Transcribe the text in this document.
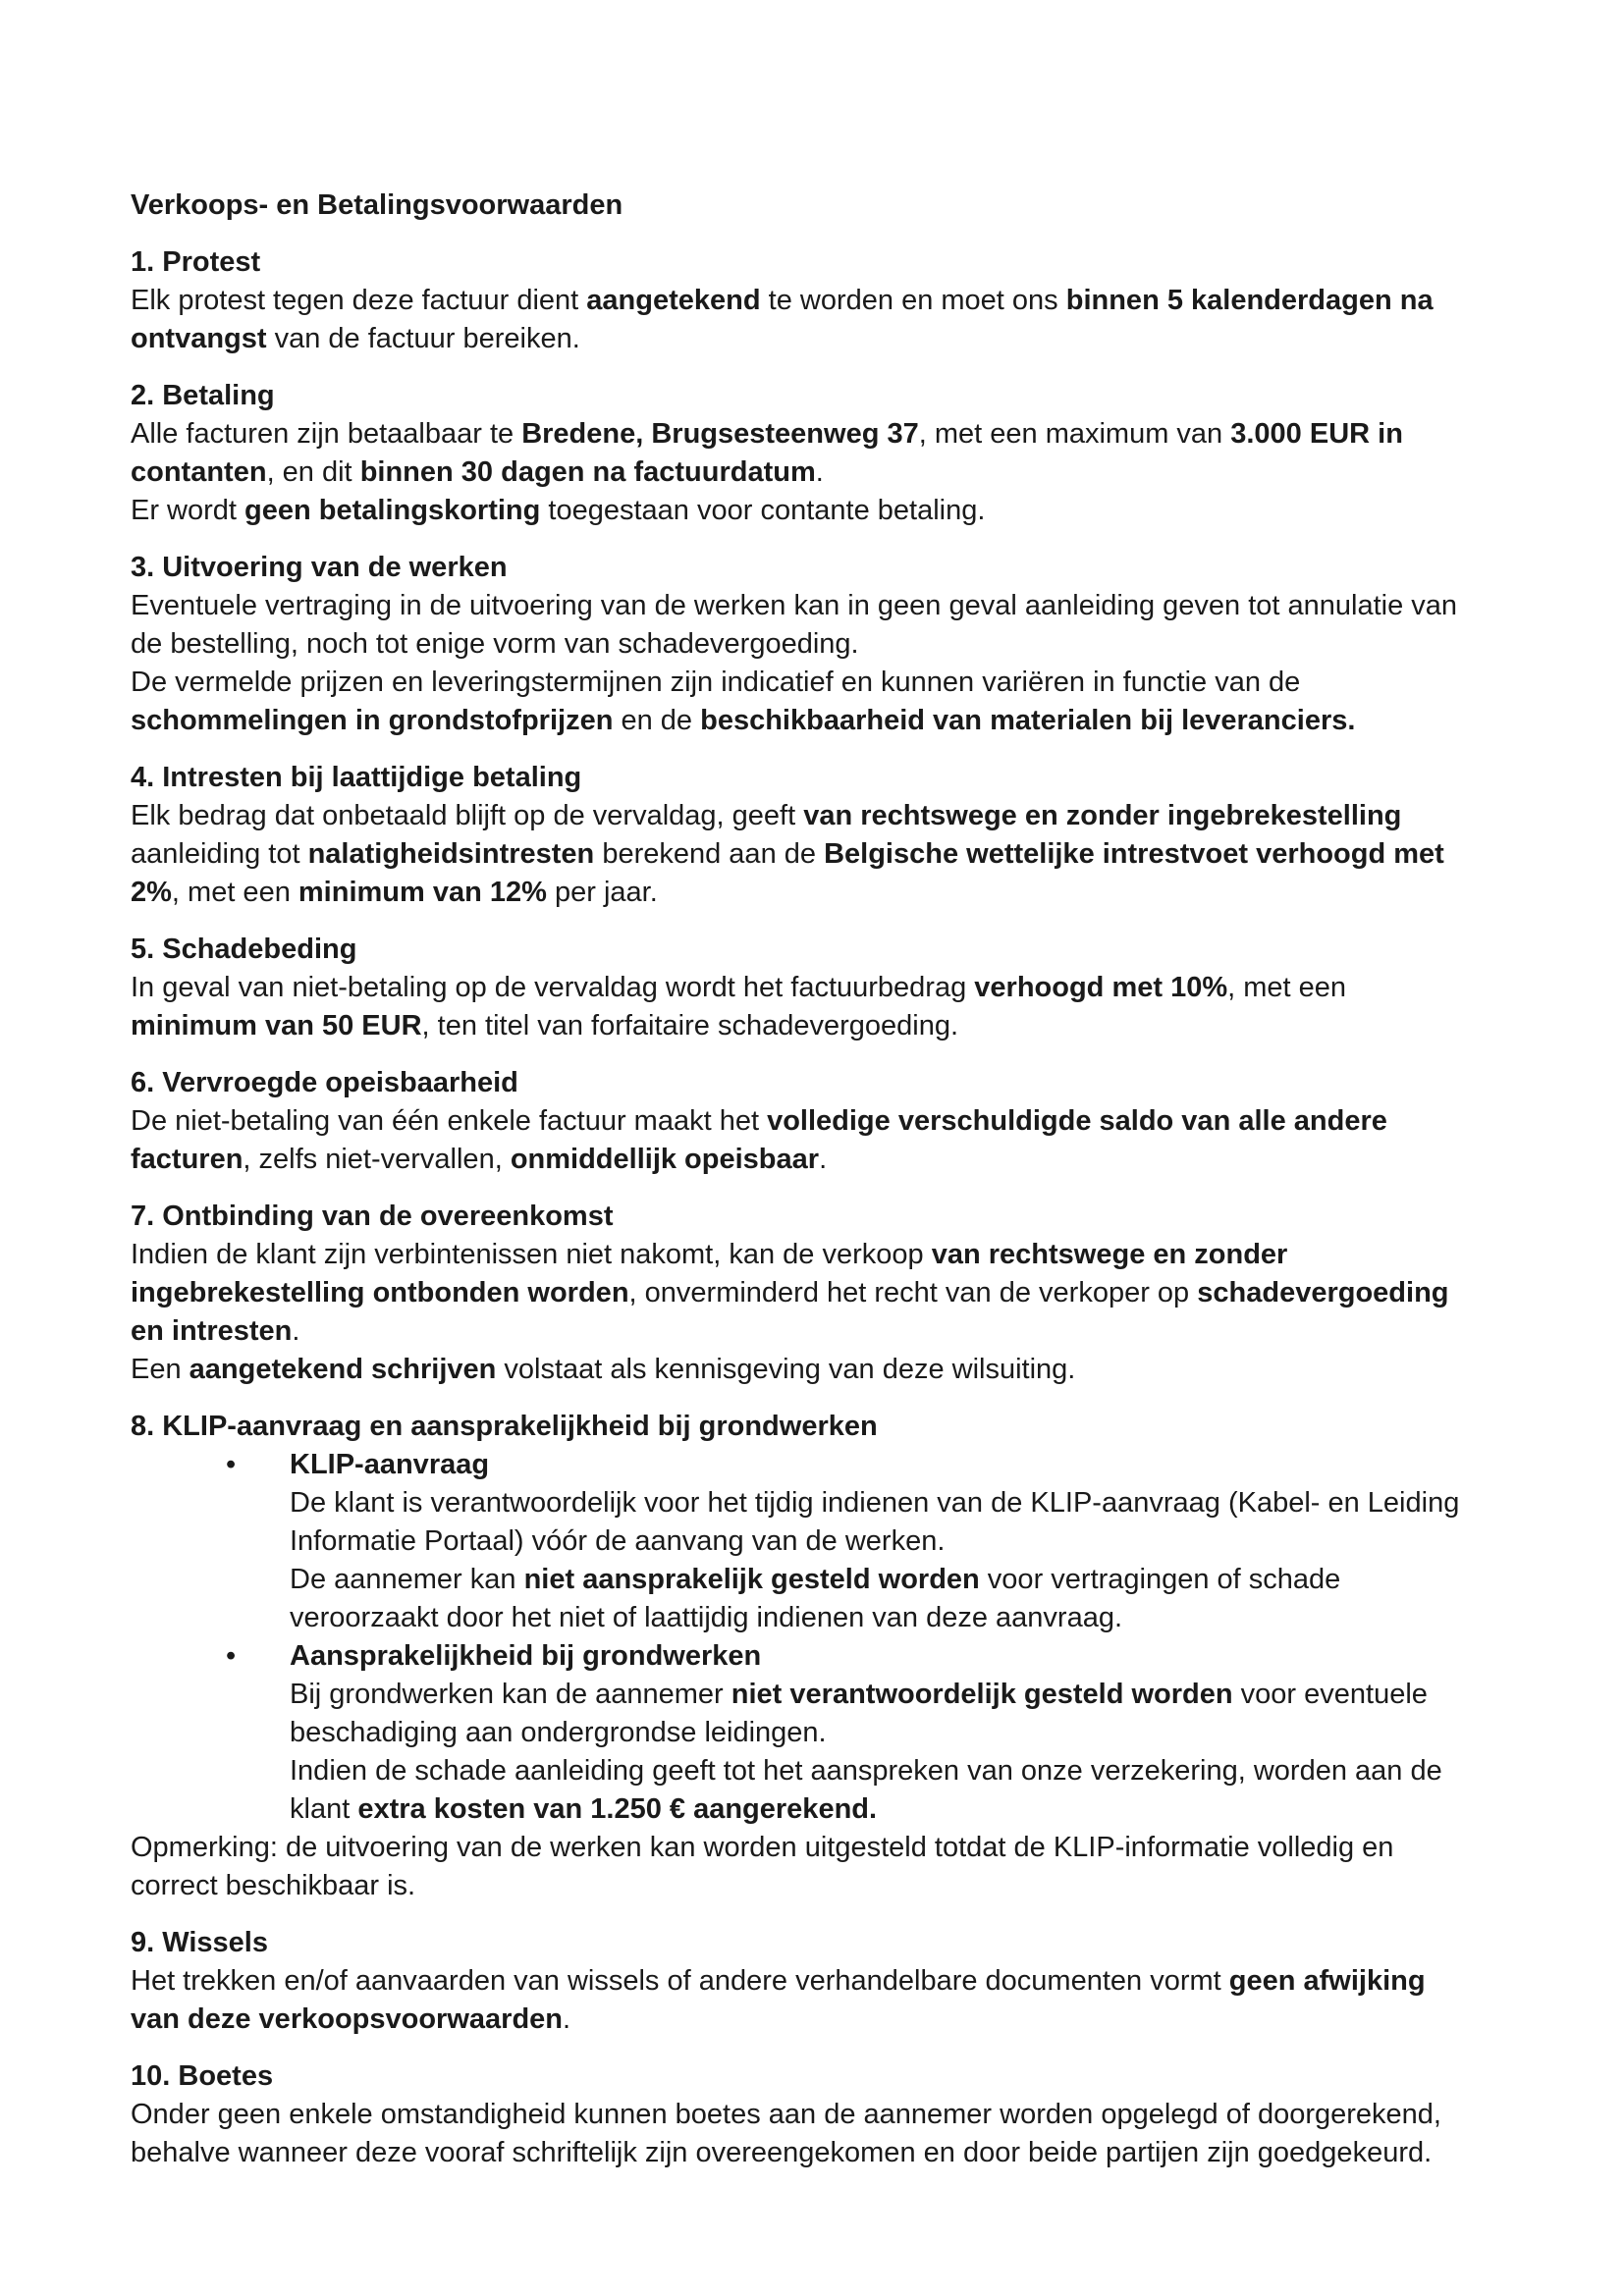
Verkoops- en Betalingsvoorwaarden
1. Protest

Elk protest tegen deze factuur dient aangetekend te worden en moet ons binnen 5 kalenderdagen na ontvangst van de factuur bereiken.

2. Betaling

Alle facturen zijn betaalbaar te Bredene, Brugsesteenweg 37, met een maximum van 3.000 EUR in contanten, en dit binnen 30 dagen na factuurdatum.

Er wordt geen betalingskorting toegestaan voor contante betaling.

3. Uitvoering van de werken

Eventuele vertraging in de uitvoering van de werken kan in geen geval aanleiding geven tot annulatie van de bestelling, noch tot enige vorm van schadevergoeding.

De vermelde prijzen en leveringstermijnen zijn indicatief en kunnen variëren in functie van de schommelingen in grondstofprijzen en de beschikbaarheid van materialen bij leveranciers.

4. Intresten bij laattijdige betaling

Elk bedrag dat onbetaald blijft op de vervaldag, geeft van rechtswege en zonder ingebrekestelling aanleiding tot nalatigheidsintresten berekend aan de Belgische wettelijke intrestvoet verhoogd met 2%, met een minimum van 12% per jaar.

5. Schadebeding

In geval van niet-betaling op de vervaldag wordt het factuurbedrag verhoogd met 10%, met een minimum van 50 EUR, ten titel van forfaitaire schadevergoeding.

6. Vervroegde opeisbaarheid

De niet-betaling van één enkele factuur maakt het volledige verschuldigde saldo van alle andere facturen, zelfs niet-vervallen, onmiddellijk opeisbaar.

7. Ontbinding van de overeenkomst

Indien de klant zijn verbintenissen niet nakomt, kan de verkoop van rechtswege en zonder ingebrekestelling ontbonden worden, onverminderd het recht van de verkoper op schadevergoeding en intresten.

Een aangetekend schrijven volstaat als kennisgeving van deze wilsuiting.

8. KLIP-aanvraag en aansprakelijkheid bij grondwerken
•	KLIP-aanvraag

De klant is verantwoordelijk voor het tijdig indienen van de KLIP-aanvraag (Kabel- en Leiding Informatie Portaal) vóór de aanvang van de werken.

De aannemer kan niet aansprakelijk gesteld worden voor vertragingen of schade veroorzaakt door het niet of laattijdig indienen van deze aanvraag.

•	Aansprakelijkheid bij grondwerken

Bij grondwerken kan de aannemer niet verantwoordelijk gesteld worden voor eventuele beschadiging aan ondergrondse leidingen.

Indien de schade aanleiding geeft tot het aanspreken van onze verzekering, worden aan de klant extra kosten van 1.250 € aangerekend.

Opmerking: de uitvoering van de werken kan worden uitgesteld totdat de KLIP-informatie volledig en correct beschikbaar is.

9. Wissels

Het trekken en/of aanvaarden van wissels of andere verhandelbare documenten vormt geen afwijking van deze verkoopsvoorwaarden.

10. Boetes

Onder geen enkele omstandigheid kunnen boetes aan de aannemer worden opgelegd of doorgerekend, behalve wanneer deze vooraf schriftelijk zijn overeengekomen en door beide partijen zijn goedgekeurd.
